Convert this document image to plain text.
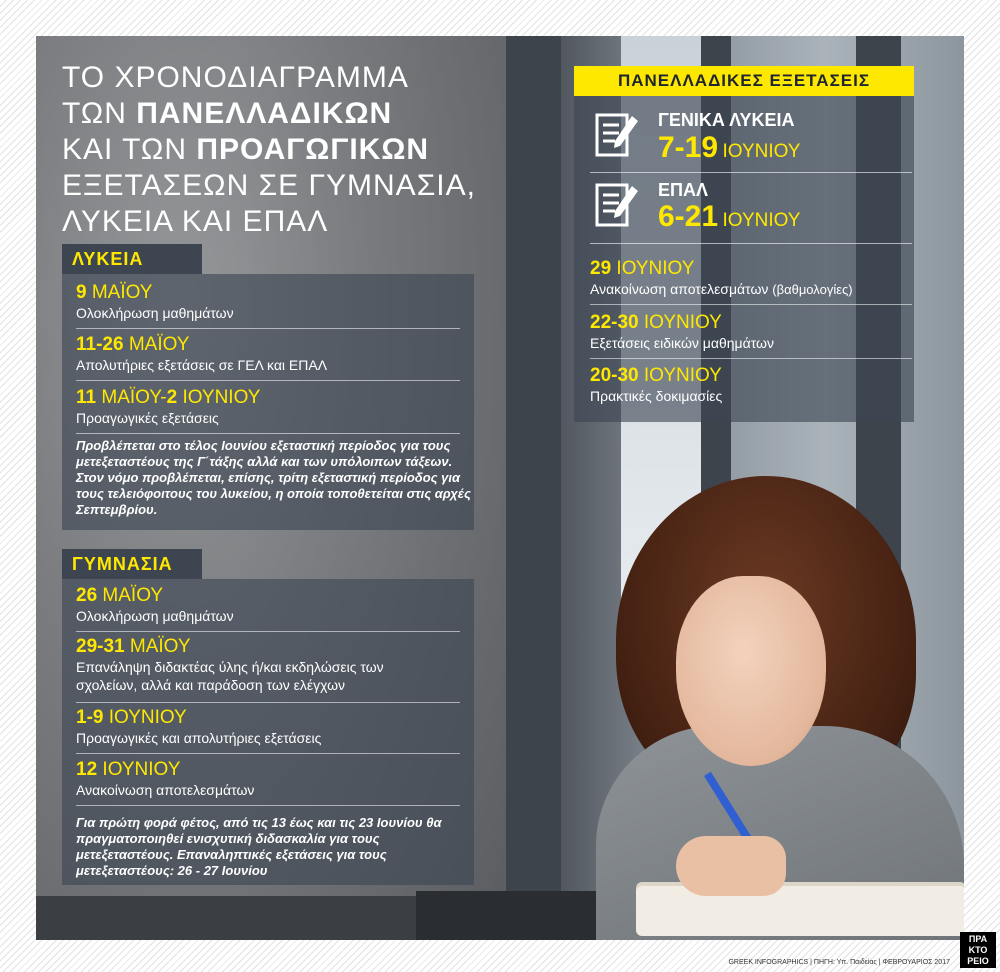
ΤΟ ΧΡΟΝΟΔΙΑΓΡΑΜΜΑ
ΤΩΝ ΠΑΝΕΛΛΑΔΙΚΩΝ
ΚΑΙ ΤΩΝ ΠΡΟΑΓΩΓΙΚΩΝ
ΕΞΕΤΑΣΕΩΝ ΣΕ ΓΥΜΝΑΣΙΑ,
ΛΥΚΕΙΑ ΚΑΙ ΕΠΑΛ
ΛΥΚΕΙΑ
9 ΜΑΪΟΥ
Ολοκλήρωση μαθημάτων
11-26 ΜΑΪΟΥ
Απολυτήριες εξετάσεις σε ΓΕΛ και ΕΠΑΛ
11 ΜΑΪΟΥ-2 ΙΟΥΝΙΟΥ
Προαγωγικές εξετάσεις
Προβλέπεται στο τέλος Ιουνίου εξεταστική περίοδος για τους μετεξεταστέους της Γ΄τάξης αλλά και των υπόλοιπων τάξεων. Στον νόμο προβλέπεται, επίσης, τρίτη εξεταστική περίοδος για τους τελειόφοιτους του λυκείου, η οποία τοποθετείται στις αρχές Σεπτεμβρίου.
ΓΥΜΝΑΣΙΑ
26 ΜΑΪΟΥ
Ολοκλήρωση μαθημάτων
29-31 ΜΑΪΟΥ
Επανάληψη διδακτέας ύλης ή/και εκδηλώσεις των σχολείων, αλλά και παράδοση των ελέγχων
1-9 ΙΟΥΝΙΟΥ
Προαγωγικές και απολυτήριες εξετάσεις
12 ΙΟΥΝΙΟΥ
Ανακοίνωση αποτελεσμάτων
Για πρώτη φορά φέτος, από τις 13 έως και τις 23 Ιουνίου θα πραγματοποιηθεί ενισχυτική διδασκαλία για τους μετεξεταστέους. Επαναληπτικές εξετάσεις για τους μετεξεταστέους: 26 - 27 Ιουνίου
ΠΑΝΕΛΛΑΔΙΚΕΣ ΕΞΕΤΑΣΕΙΣ
ΓΕΝΙΚΑ ΛΥΚΕΙΑ
7-19 ΙΟΥΝΙΟΥ
ΕΠΑΛ
6-21 ΙΟΥΝΙΟΥ
29 ΙΟΥΝΙΟΥ
Ανακοίνωση αποτελεσμάτων (βαθμολογίες)
22-30 ΙΟΥΝΙΟΥ
Εξετάσεις ειδικών μαθημάτων
20-30 ΙΟΥΝΙΟΥ
Πρακτικές δοκιμασίες
GREEK INFOGRAPHICS | ΠΗΓΗ: Υπ. Παιδείας | ΦΕΒΡΟΥΑΡΙΟΣ 2017
ΠΡΑ
ΚΤΟ
ΡΕΙΟ
